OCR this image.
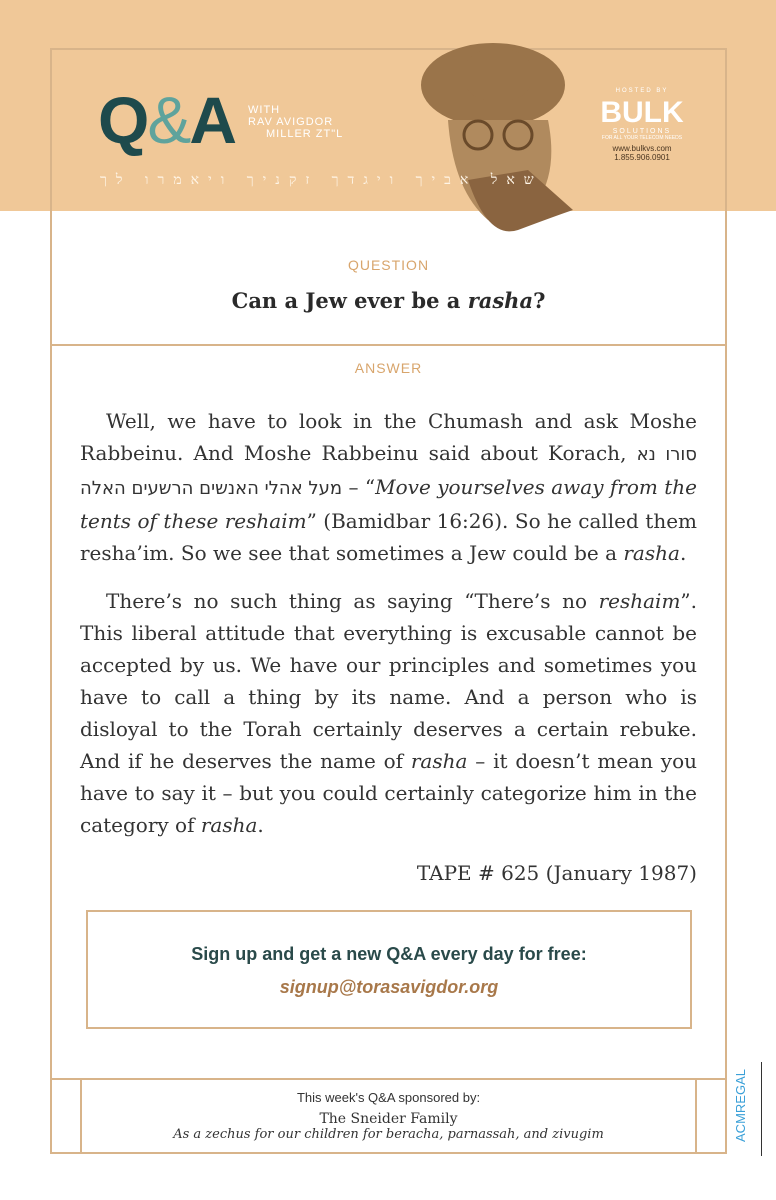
Q&A WITH
RAV AVIGDOR
MILLER ZT"L
שאל אביך ויגדך זקניך ויאמרו לך
HOSTED BY
BULK
SOLUTIONS
FOR ALL YOUR TELECOM NEEDS
www.bulkvs.com
1.855.906.0901
QUESTION
Can a Jew ever be a rasha?
ANSWER

Well, we have to look in the Chumash and ask Moshe Rabbeinu. And Moshe Rabbeinu said about Korach, סורו נא מעל אהלי האנשים הרשעים האלה – “Move yourselves away from the tents of these reshaim” (Bamidbar 16:26). So he called them resha’im. So we see that sometimes a Jew could be a rasha.

There’s no such thing as saying “There’s no reshaim”. This liberal attitude that everything is excusable cannot be accepted by us. We have our principles and sometimes you have to call a thing by its name. And a person who is disloyal to the Torah certainly deserves a certain rebuke. And if he deserves the name of rasha – it doesn’t mean you have to say it – but you could certainly categorize him in the category of rasha.

TAPE # 625 (January 1987)
Sign up and get a new Q&A every day for free:
signup@torasavigdor.org
This week's Q&A sponsored by:
The Sneider Family
As a zechus for our children for beracha, parnassah, and zivugim	ACMREGAL
